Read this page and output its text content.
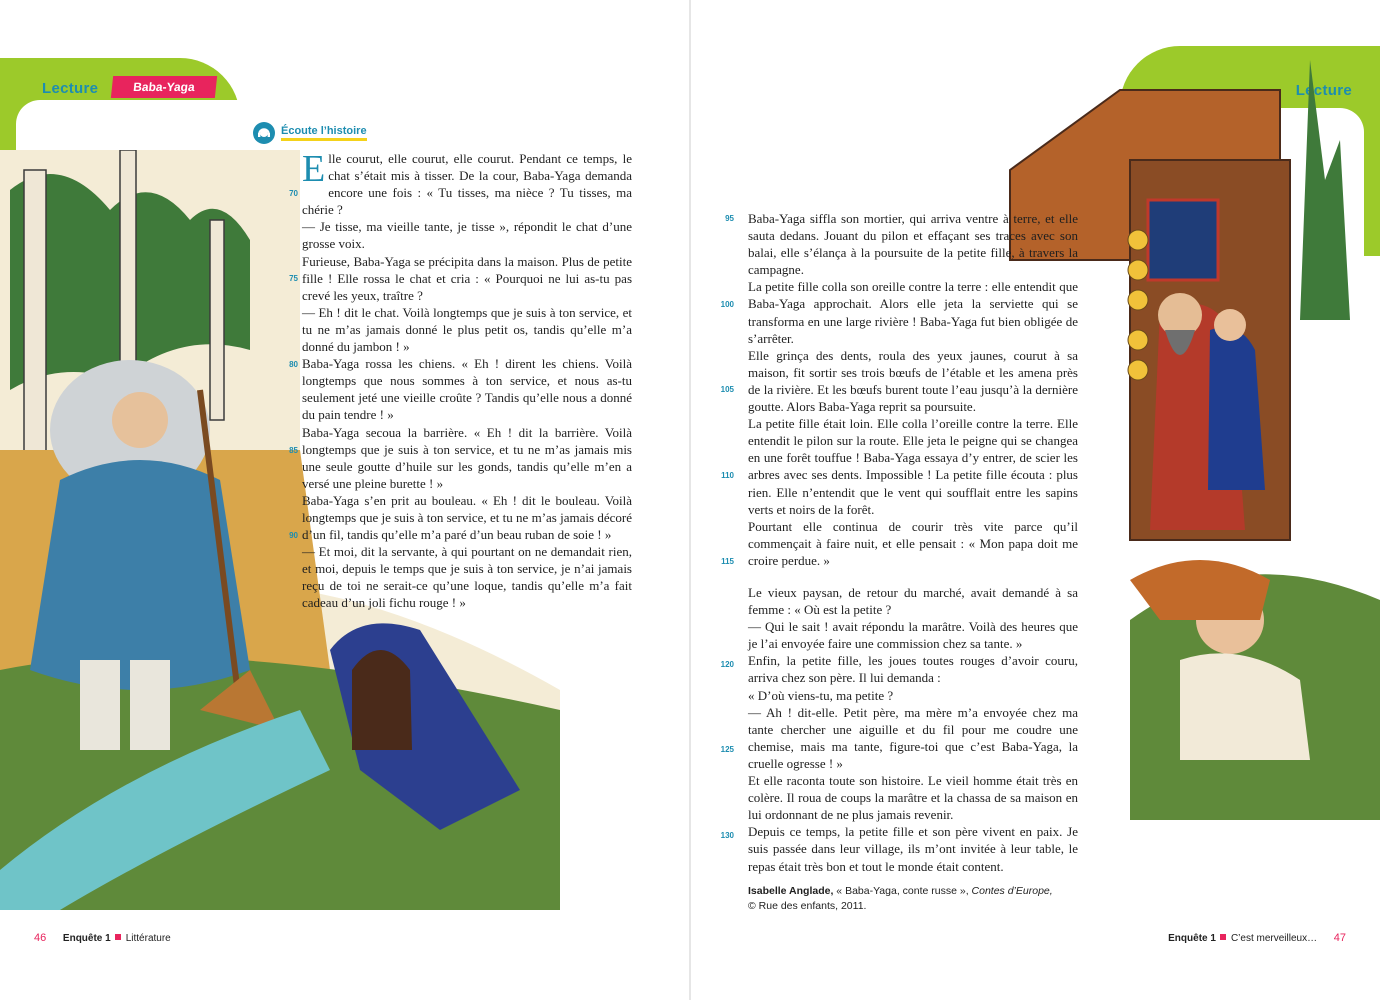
Lecture	Baba-Yaga
Écoute l’histoire
E lle courut, elle courut, elle courut. Pendant ce temps, le chat s’était mis à tisser. De la cour, Baba-Yaga demanda encore une fois : « Tu tisses, ma nièce ? Tu tisses, ma chérie ?

— Je tisse, ma vieille tante, je tisse », répondit le chat d’une grosse voix.

Furieuse, Baba-Yaga se précipita dans la maison. Plus de petite fille ! Elle rossa le chat et cria : « Pourquoi ne lui as-tu pas crevé les yeux, traître ?

— Eh ! dit le chat. Voilà longtemps que je suis à ton service, et tu ne m’as jamais donné le plus petit os, tandis qu’elle m’a donné du jambon ! »

Baba-Yaga rossa les chiens. « Eh ! dirent les chiens. Voilà longtemps que nous sommes à ton service, et nous as-tu seulement jeté une vieille croûte ? Tandis qu’elle nous a donné du pain tendre ! »

Baba-Yaga secoua la barrière. « Eh ! dit la barrière. Voilà longtemps que je suis à ton service, et tu ne m’as jamais mis une seule goutte d’huile sur les gonds, tandis qu’elle m’en a versé une pleine burette ! »

Baba-Yaga s’en prit au bouleau. « Eh ! dit le bouleau. Voilà longtemps que je suis à ton service, et tu ne m’as jamais décoré d’un fil, tandis qu’elle m’a paré d’un beau ruban de soie ! »

— Et moi, dit la servante, à qui pourtant on ne demandait rien, et moi, depuis le temps que je suis à ton service, je n’ai jamais reçu de toi ne serait-ce qu’une loque, tandis qu’elle m’a fait cadeau d’un joli fichu rouge ! »

70
75
80
85
90
46 Enquête 1 Littérature
Lecture

Baba-Yaga siffla son mortier, qui arriva ventre à terre, et elle sauta dedans. Jouant du pilon et effaçant ses traces avec son balai, elle s’élança à la poursuite de la petite fille, à travers la campagne.

La petite fille colla son oreille contre la terre : elle entendit que Baba-Yaga approchait. Alors elle jeta la serviette qui se transforma en une large rivière ! Baba-Yaga fut bien obligée de s’arrêter.

Elle grinça des dents, roula des yeux jaunes, courut à sa maison, fit sortir ses trois bœufs de l’étable et les amena près de la rivière. Et les bœufs burent toute l’eau jusqu’à la dernière goutte. Alors Baba-Yaga reprit sa poursuite.

La petite fille était loin. Elle colla l’oreille contre la terre. Elle entendit le pilon sur la route. Elle jeta le peigne qui se changea en une forêt touffue ! Baba-Yaga essaya d’y entrer, de scier les arbres avec ses dents. Impossible ! La petite fille écouta : plus rien. Elle n’entendit que le vent qui soufflait entre les sapins verts et noirs de la forêt.

Pourtant elle continua de courir très vite parce qu’il commençait à faire nuit, et elle pensait : « Mon papa doit me croire perdue. »

Le vieux paysan, de retour du marché, avait demandé à sa femme : « Où est la petite ?

— Qui le sait ! avait répondu la marâtre. Voilà des heures que je l’ai envoyée faire une commission chez sa tante. »

Enfin, la petite fille, les joues toutes rouges d’avoir couru, arriva chez son père. Il lui demanda :

« D’où viens-tu, ma petite ?

— Ah ! dit-elle. Petit père, ma mère m’a envoyée chez ma tante chercher une aiguille et du fil pour me coudre une chemise, mais ma tante, figure-toi que c’est Baba-Yaga, la cruelle ogresse ! »

Et elle raconta toute son histoire. Le vieil homme était très en colère. Il roua de coups la marâtre et la chassa de sa maison en lui ordonnant de ne plus jamais revenir.

Depuis ce temps, la petite fille et son père vivent en paix. Je suis passée dans leur village, ils m’ont invitée à leur table, le repas était très bon et tout le monde était content.

95
100
105
110
115
120
125
130
Isabelle Anglade, « Baba-Yaga, conte russe », Contes d’Europe,
© Rue des enfants, 2011.
Enquête 1 C’est merveilleux… 47
